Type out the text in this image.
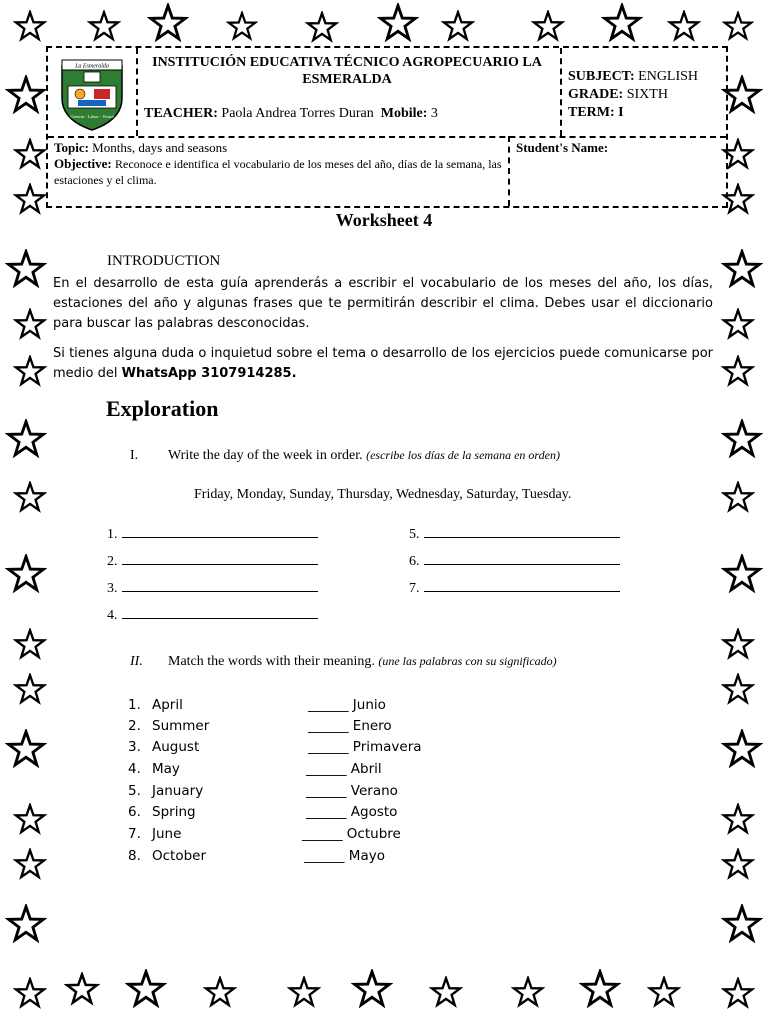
La Esmeralda
Ciencia - Labor - Virtud
INSTITUCIÓN EDUCATIVA TÉCNICO AGROPECUARIO LA ESMERALDA
TEACHER: Paola Andrea Torres Duran Mobile: 3
SUBJECT: ENGLISH
GRADE: SIXTH
TERM: I
Topic: Months, days and seasons
Objective: Reconoce e identifica el vocabulario de los meses del año, días de la semana, las estaciones y el clima.
Student's Name:
Worksheet 4
INTRODUCTION
En el desarrollo de esta guía aprenderás a escribir el vocabulario de los meses del año, los días, estaciones del año y algunas frases que te permitirán describir el clima. Debes usar el diccionario para buscar las palabras desconocidas.
Si tienes alguna duda o inquietud sobre el tema o desarrollo de los ejercicios puede comunicarse por medio del WhatsApp 3107914285.
Exploration
I. Write the day of the week in order. (escribe los días de la semana en orden)
Friday, Monday, Sunday, Thursday, Wednesday, Saturday, Tuesday.
1.
2.
3.
4.
5.
6.
7.
II. Match the words with their meaning. (une las palabras con su significado)
1. April
2. Summer
3. August
4. May
5. January
6. Spring
7. June
8. October
______ Junio
______ Enero
______ Primavera
______ Abril
______ Verano
______ Agosto
______ Octubre
______ Mayo
